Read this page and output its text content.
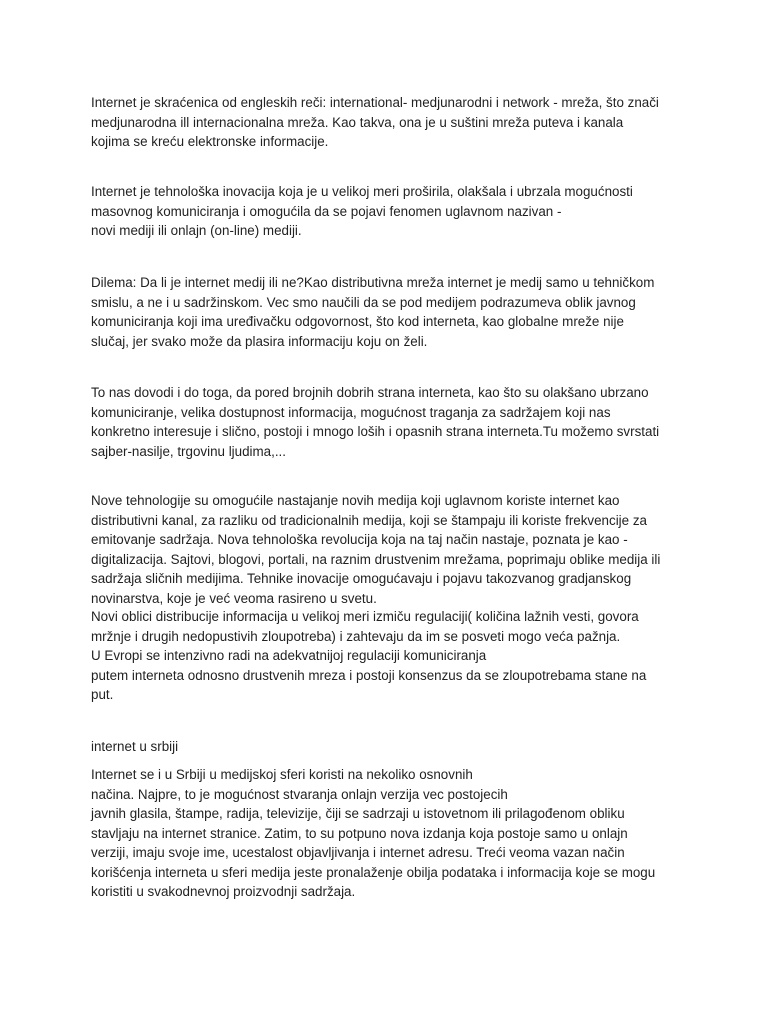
Internet je skraćenica od engleskih reči: international- medjunarodni i network - mreža, što znači
medjunarodna ill internacionalna mreža. Kao takva, ona je u suštini mreža puteva i kanala
kojima se kreću elektronske informacije.
Internet je tehnološka inovacija koja je u velikoj meri proširila, olakšala i ubrzala mogućnosti
masovnog komuniciranja i omogućila da se pojavi fenomen uglavnom nazivan -
novi mediji ili onlajn (on-line) mediji.
Dilema: Da li je internet medij ili ne?Kao distributivna mreža internet je medij samo u tehničkom
smislu, a ne i u sadržinskom. Vec smo naučili da se pod medijem podrazumeva oblik javnog
komuniciranja koji ima uređivačku odgovornost, što kod interneta, kao globalne mreže nije
slučaj, jer svako može da plasira informaciju koju on želi.
To nas dovodi i do toga, da pored brojnih dobrih strana interneta, kao što su olakšano ubrzano
komuniciranje, velika dostupnost informacija, mogućnost traganja za sadržajem koji nas
konkretno interesuje i slično, postoji i mnogo loših i opasnih strana interneta.Tu možemo svrstati
sajber-nasilje, trgovinu ljudima,...
Nove tehnologije su omogućile nastajanje novih medija koji uglavnom koriste internet kao
distributivni kanal, za razliku od tradicionalnih medija, koji se štampaju ili koriste frekvencije za
emitovanje sadržaja. Nova tehnološka revolucija koja na taj način nastaje, poznata je kao -
digitalizacija. Sajtovi, blogovi, portali, na raznim drustvenim mrežama, poprimaju oblike medija ili
sadržaja sličnih medijima. Tehnike inovacije omogućavaju i pojavu takozvanog gradjanskog
novinarstva, koje je već veoma rasireno u svetu.
Novi oblici distribucije informacija u velikoj meri izmiču regulaciji( količina lažnih vesti, govora
mržnje i drugih nedopustivih zloupotreba) i zahtevaju da im se posveti mogo veća pažnja.
U Evropi se intenzivno radi na adekvatnijoj regulaciji komuniciranja
putem interneta odnosno drustvenih mreza i postoji konsenzus da se zloupotrebama stane na
put.
internet u srbiji
Internet se i u Srbiji u medijskoj sferi koristi na nekoliko osnovnih
načina. Najpre, to je mogućnost stvaranja onlajn verzija vec postojecih
javnih glasila, štampe, radija, televizije, čiji se sadrzaji u istovetnom ili prilagođenom obliku
stavljaju na internet stranice. Zatim, to su potpuno nova izdanja koja postoje samo u onlajn
verziji, imaju svoje ime, ucestalost objavljivanja i internet adresu. Treći veoma vazan način
korišćenja interneta u sferi medija jeste pronalaženje obilja podataka i informacija koje se mogu
koristiti u svakodnevnoj proizvodnji sadržaja.
